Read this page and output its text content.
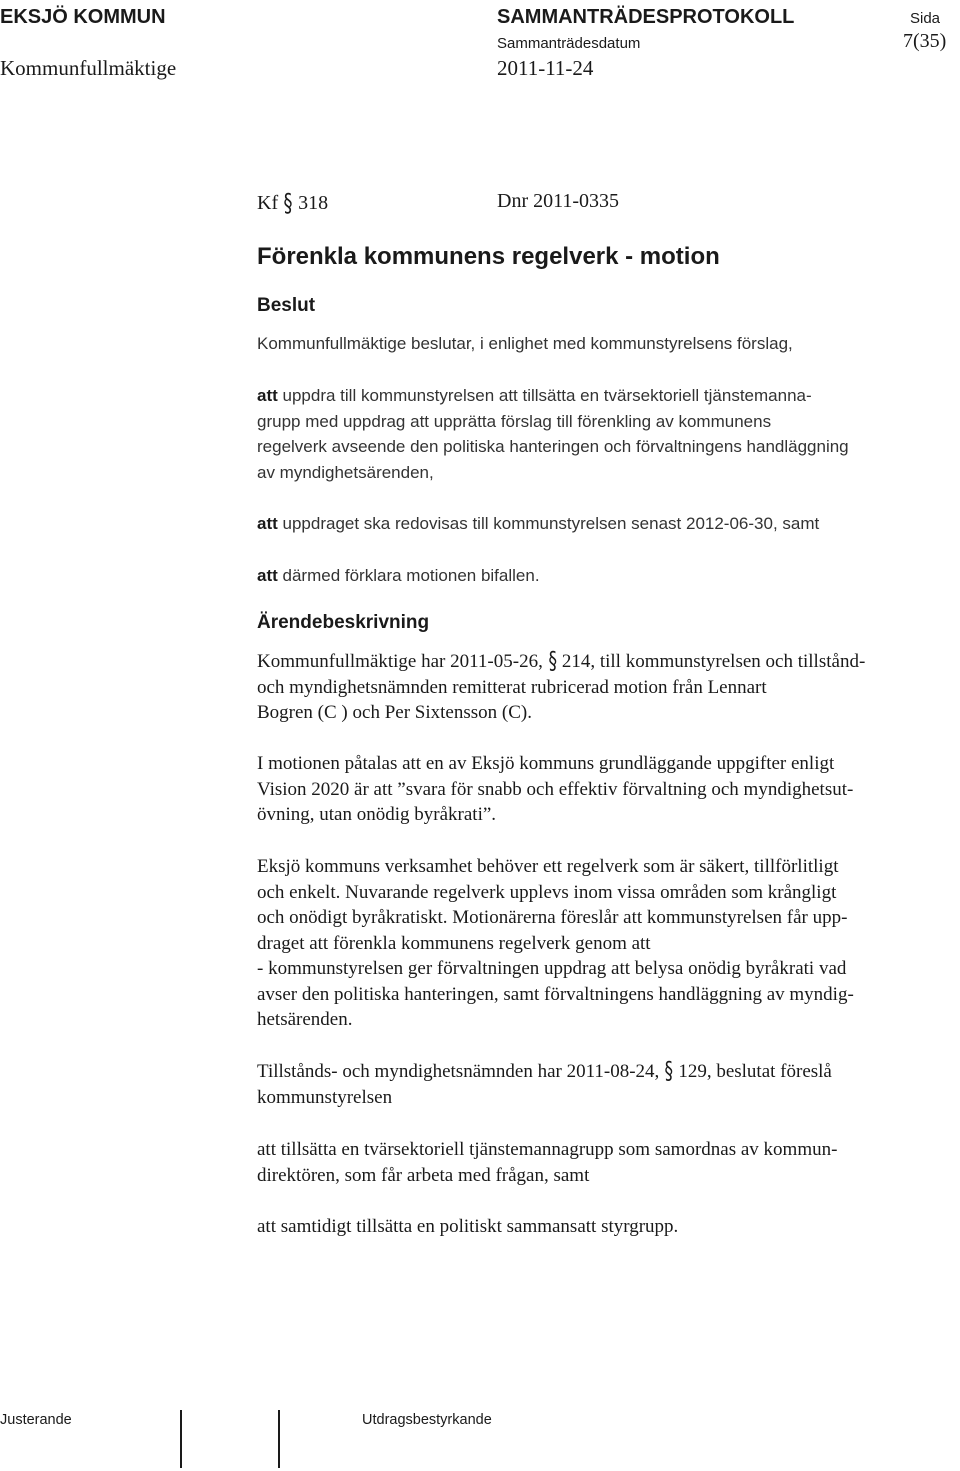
EKSJÖ KOMMUN	SAMMANTRÄDESPROTOKOLL	Sida
Sammanträdesdatum	7(35)
Kommunfullmäktige	2011-11-24
Kf § 318	Dnr 2011-0335
Förenkla kommunens regelverk - motion
Beslut
Kommunfullmäktige beslutar, i enlighet med kommunstyrelsens förslag,
att uppdra till kommunstyrelsen att tillsätta en tvärsektoriell tjänstemanna-
grupp med uppdrag att upprätta förslag till förenkling av kommunens
regelverk avseende den politiska hanteringen och förvaltningens handläggning
av myndighetsärenden,
att uppdraget ska redovisas till kommunstyrelsen senast 2012-06-30, samt
att därmed förklara motionen bifallen.
Ärendebeskrivning
Kommunfullmäktige har 2011-05-26, § 214, till kommunstyrelsen och tillstånd-
och myndighetsnämnden remitterat rubricerad motion från Lennart
Bogren (C ) och Per Sixtensson (C).
I motionen påtalas att en av Eksjö kommuns grundläggande uppgifter enligt
Vision 2020 är att ”svara för snabb och effektiv förvaltning och myndighetsut-
övning, utan onödig byråkrati”.
Eksjö kommuns verksamhet behöver ett regelverk som är säkert, tillförlitligt
och enkelt. Nuvarande regelverk upplevs inom vissa områden som krångligt
och onödigt byråkratiskt. Motionärerna föreslår att kommunstyrelsen får upp-
draget att förenkla kommunens regelverk genom att
- kommunstyrelsen ger förvaltningen uppdrag att belysa onödig byråkrati vad
avser den politiska hanteringen, samt förvaltningens handläggning av myndig-
hetsärenden.
Tillstånds- och myndighetsnämnden har 2011-08-24, § 129, beslutat föreslå
kommunstyrelsen
att tillsätta en tvärsektoriell tjänstemannagrupp som samordnas av kommun-
direktören, som får arbeta med frågan, samt
att samtidigt tillsätta en politiskt sammansatt styrgrupp.
Justerande	Utdragsbestyrkande
